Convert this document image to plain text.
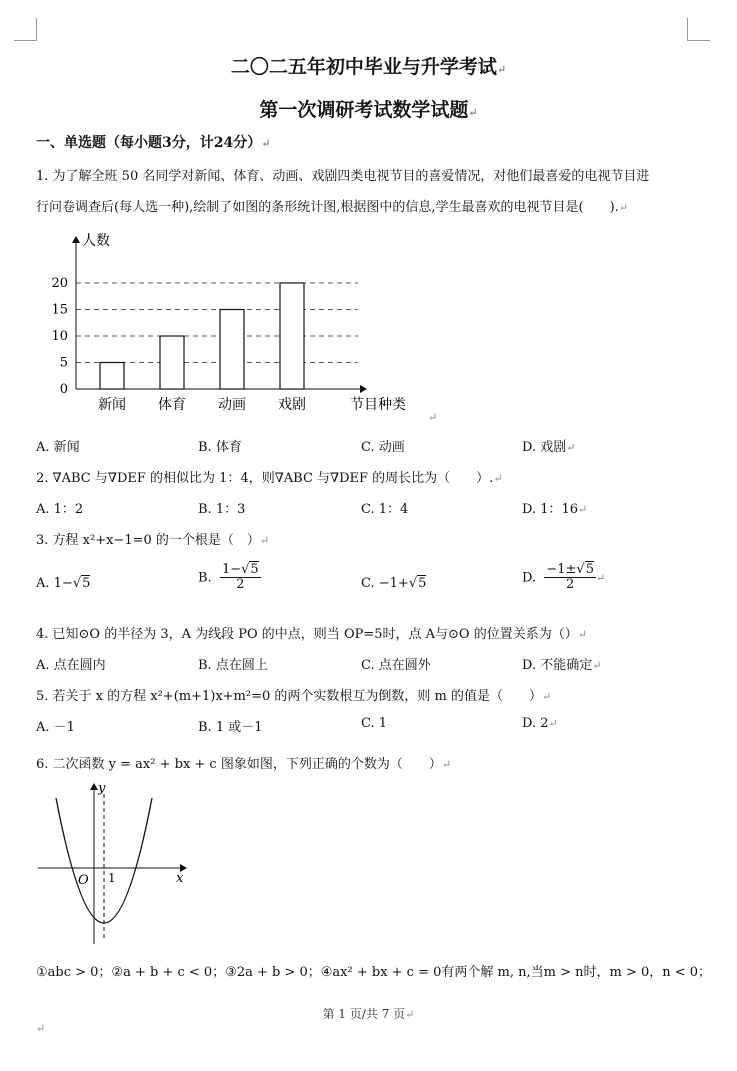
二〇二五年初中毕业与升学考试↵
第一次调研考试数学试题↵
一、单选题（每小题3分，计24分）↵
1. 为了解全班 50 名同学对新闻、体育、动画、戏剧四类电视节目的喜爱情况，对他们最喜爱的电视节目进
行问卷调查后(每人选一种),绘制了如图的条形统计图,根据图中的信息,学生最喜欢的电视节目是(　　).↵
0
5
10
15
20
人数
节目种类
新闻 体育 动画 戏剧
↵
A. 新闻	B. 体育	C. 动画	D. 戏剧↵
2. ∇ABC 与∇DEF 的相似比为 1：4，则∇ABC 与∇DEF 的周长比为（　　）.↵
A. 1：2	B. 1：3	C. 1：4	D. 1：16↵
3. 方程 x²+x−1=0 的一个根是（　）↵
A. 1−√5	B. $\frac{1-√5}{2}$	C. −1+√5	D. $\frac{-1\pm√5}{2}$ ↵
4. 已知⊙O 的半径为 3，A 为线段 PO 的中点，则当 OP=5时，点 A与⊙O 的位置关系为（）↵
A. 点在圆内	B. 点在圆上	C. 点在圆外	D. 不能确定↵
5. 若关于 x 的方程 x²+(m+1)x+m²=0 的两个实数根互为倒数，则 m 的值是（　　）↵
A. －1	B. 1 或－1	C. 1	D. 2↵
6. 二次函数 y = ax² + bx + c 图象如图，下列正确的个数为（　　）↵
y
x
O 1
①abc > 0；②a + b + c < 0；③2a + b > 0；④ax² + bx + c = 0有两个解 m, n,当m > n时，m > 0，n < 0；
第 1 页/共 7 页↵
↵
